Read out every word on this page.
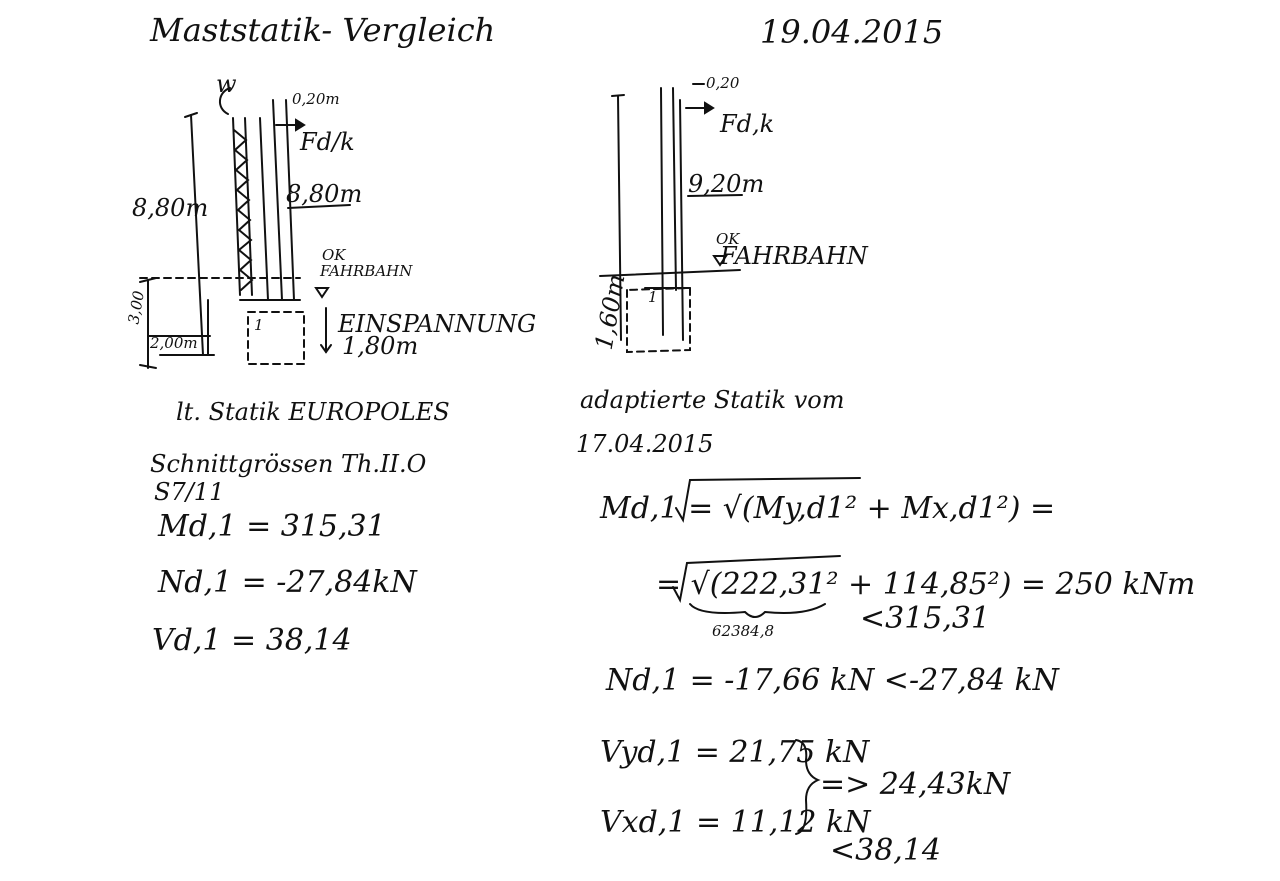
Maststatik- Vergleich	19.04.2015
w
0,20m
Fd/k
8,80m	8,80m
OK
FAHRBAHN
3,00
2,00m
EINSPANNUNG
1,80m
1
0,20
Fd,k
9,20m
OK
FAHRBAHN
1,60m 1
lt. Statik EUROPOLES
Schnittgrössen Th.II.O
S7/11
Md,1 = 315,31
Nd,1 = -27,84kN
Vd,1 = 38,14
adaptierte Statik vom
17.04.2015
Md,1 = √(My,d1² + Mx,d1²) =
= √(222,31² + 114,85²) = 250 kNm
<315,31
62384,8
Nd,1 = -17,66 kN <-27,84 kN
Vyd,1 = 21,75 kN
Vxd,1 = 11,12 kN
=> 24,43kN
<38,14
